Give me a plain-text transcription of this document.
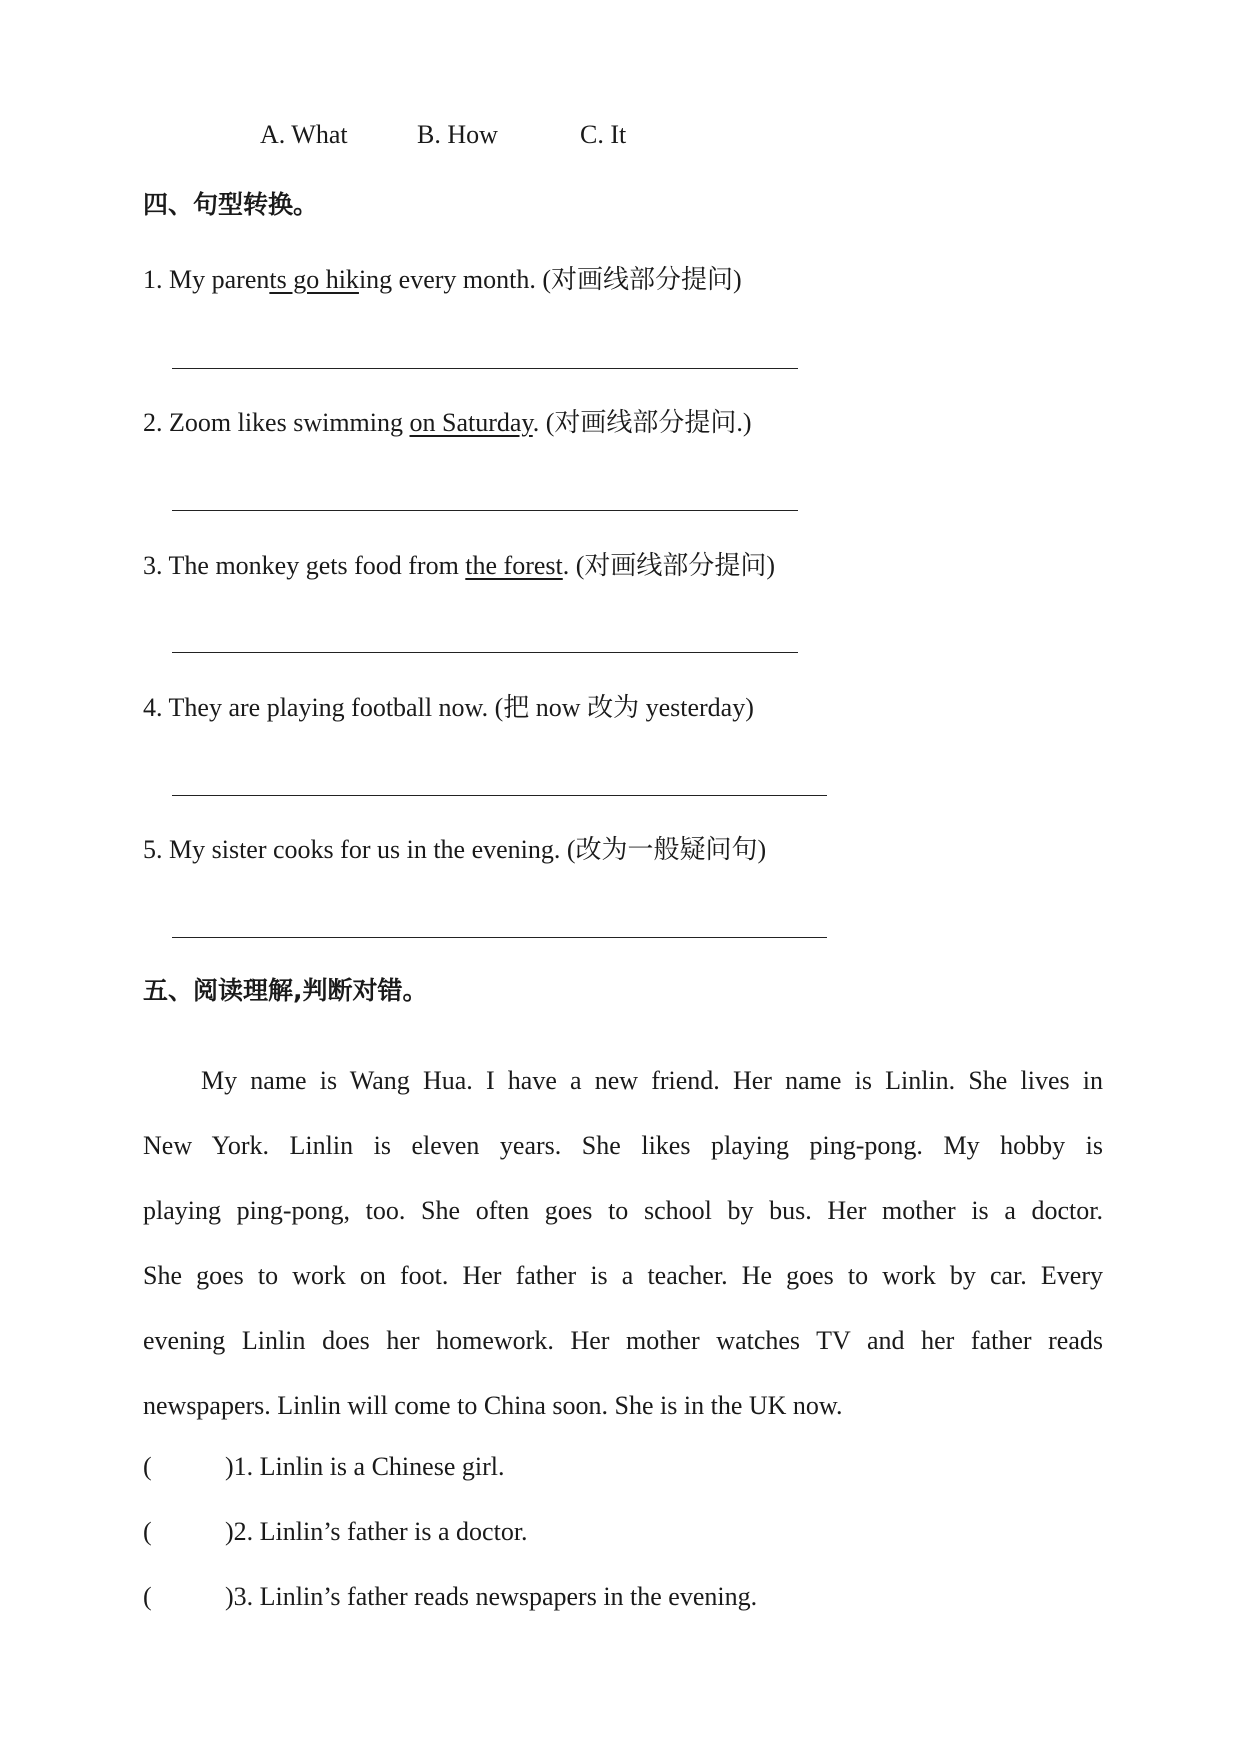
A. What	B. How	C. It
四、句型转换。
1. My parents go hiking every month. (对画线部分提问)
2. Zoom likes swimming on Saturday. (对画线部分提问.)
3. The monkey gets food from the forest. (对画线部分提问)
4. They are playing football now. (把 now 改为 yesterday)
5. My sister cooks for us in the evening. (改为一般疑问句)
五、阅读理解,判断对错。

My name is Wang Hua. I have a new friend. Her name is Linlin. She lives in

New York. Linlin is eleven years. She likes playing ping-pong. My hobby is

playing ping-pong, too. She often goes to school by bus. Her mother is a doctor.

She goes to work on foot. Her father is a teacher. He goes to work by car. Every

evening Linlin does her homework. Her mother watches TV and her father reads

newspapers. Linlin will come to China soon. She is in the UK now.

(	)1. Linlin is a Chinese girl.
(	)2. Linlin’s father is a doctor.
(	)3. Linlin’s father reads newspapers in the evening.
